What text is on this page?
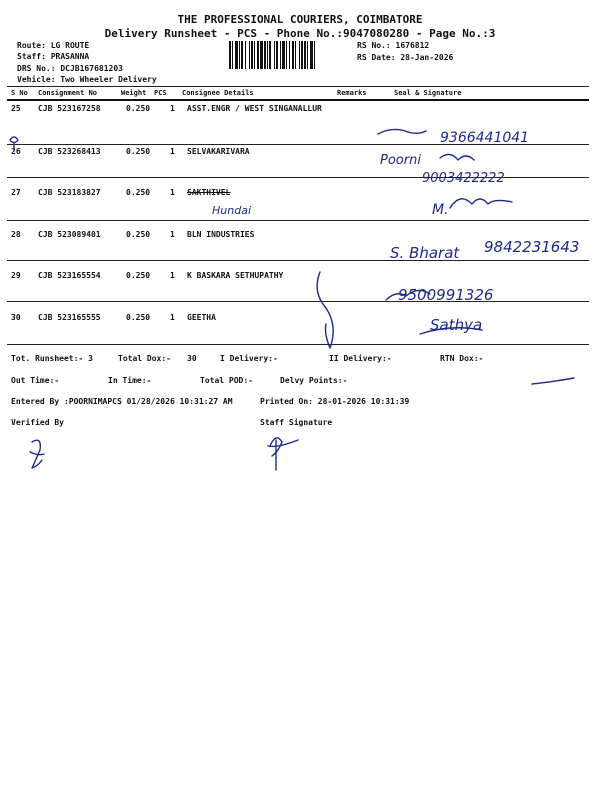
THE PROFESSIONAL COURIERS, COIMBATORE
Delivery Runsheet - PCS - Phone No.:9047080280 - Page No.:3
Route: LG ROUTE
Staff: PRASANNA
DRS No.: DCJB167681203
Vehicle: Two Wheeler Delivery
RS No.: 1676812
RS Date: 28-Jan-2026
S No Consignment No	Weight PCS Consignee Details	Remarks	Seal & Signature
25 CJB 523167258	0.250 1 ASST.ENGR / WEST SINGANALLUR
26 CJB 523268413	0.250 1 SELVAKARIVARA
27 CJB 523183827	0.250 1 SAKTHIVEL
28 CJB 523089401	0.250 1 BLN INDUSTRIES
29 CJB 523165554	0.250 1 K BASKARA SETHUPATHY
30 CJB 523165555	0.250 1 GEETHA
Tot. Runsheet:- 3	Total Dox:- 30	I Delivery:-	II Delivery:-	RTN Dox:-
Out Time:-	In Time:-	Total POD:-	Delvy Points:-
Entered By :POORNIMAPCS 01/28/2026 10:31:27 AM	Printed On: 28-01-2026 10:31:39
Verified By	Staff Signature
9366441041
Poorni
9003422222
Hundai	M.
S. Bharat 9842231643
9500991326
Sathya
